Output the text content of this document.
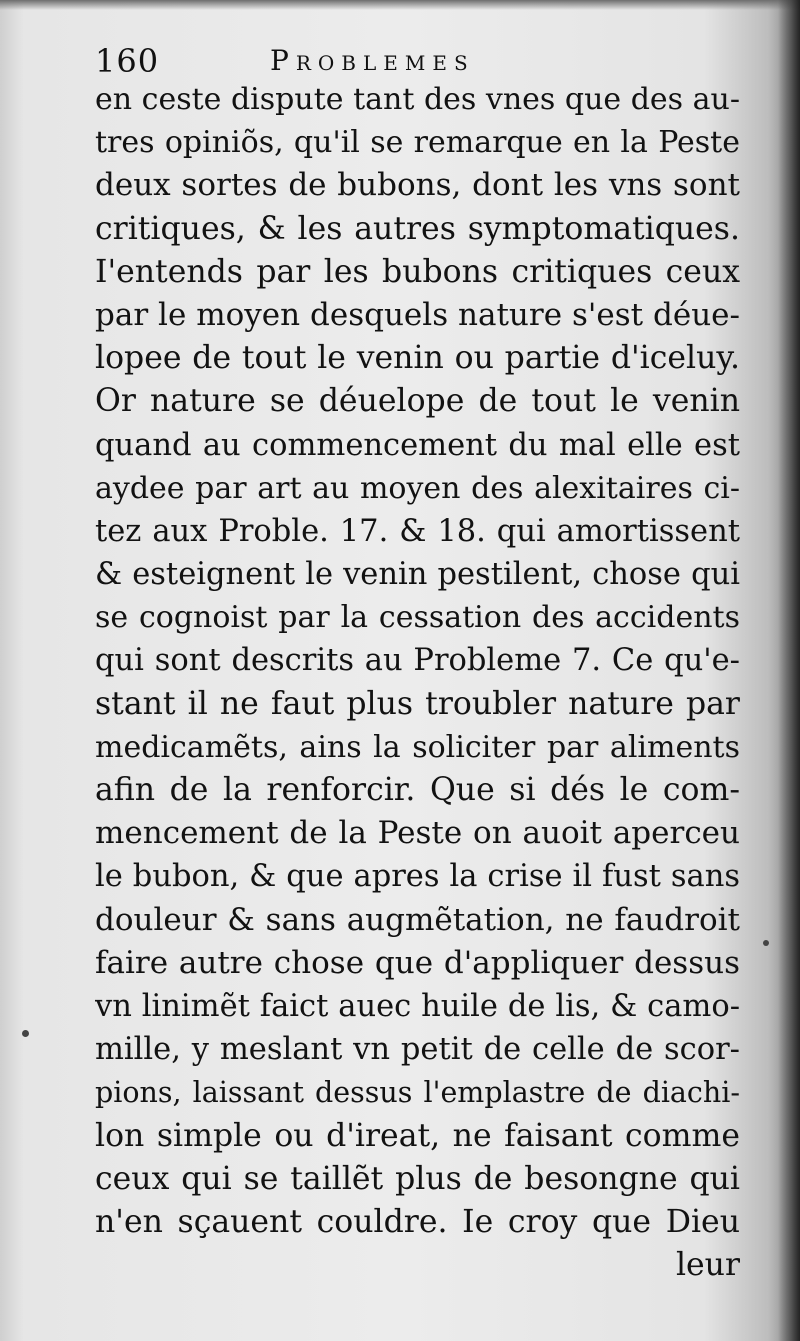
160	Problemes
en ceste dispute tant des vnes que des au-
tres opiniõs, qu'il se remarque en la Peste
deux sortes de bubons, dont les vns sont
critiques, & les autres symptomatiques.
I'entends par les bubons critiques ceux
par le moyen desquels nature s'est déue-
lopee de tout le venin ou partie d'iceluy.
Or nature se déuelope de tout le venin
quand au commencement du mal elle est
aydee par art au moyen des alexitaires ci-
tez aux Proble. 17. & 18. qui amortissent
& esteignent le venin pestilent, chose qui
se cognoist par la cessation des accidents
qui sont descrits au Probleme 7. Ce qu'e-
stant il ne faut plus troubler nature par
medicamẽts, ains la soliciter par aliments
afin de la renforcir. Que si dés le com-
mencement de la Peste on auoit aperceu
le bubon, & que apres la crise il fust sans
douleur & sans augmẽtation, ne faudroit
faire autre chose que d'appliquer dessus
vn linimẽt faict auec huile de lis, & camo-
mille, y meslant vn petit de celle de scor-
pions, laissant dessus l'emplastre de diachi-
lon simple ou d'ireat, ne faisant comme
ceux qui se taillẽt plus de besongne qui
n'en sçauent couldre. Ie croy que Dieu
leur
